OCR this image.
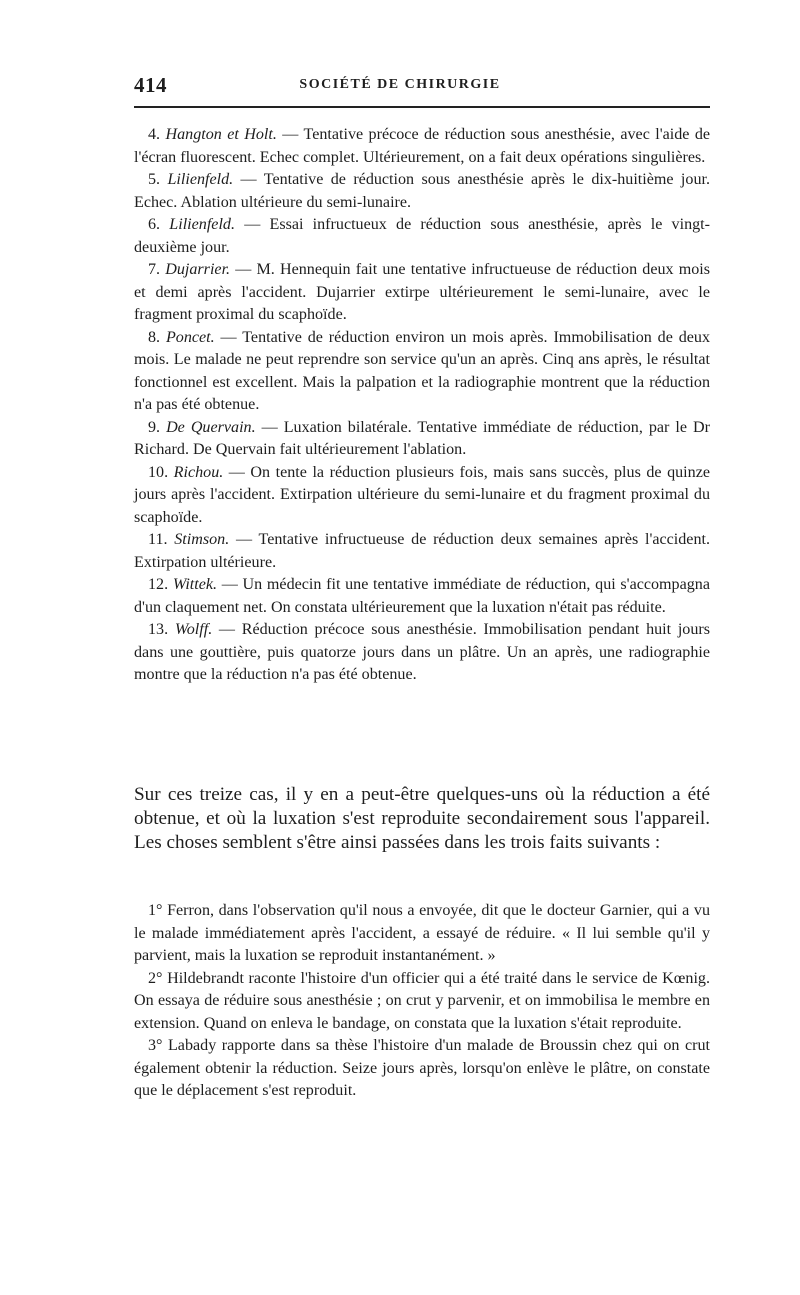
414	SOCIÉTÉ DE CHIRURGIE

4. Hangton et Holt. — Tentative précoce de réduction sous anesthésie, avec l'aide de l'écran fluorescent. Echec complet. Ultérieurement, on a fait deux opérations singulières.

5. Lilienfeld. — Tentative de réduction sous anesthésie après le dix-huitième jour. Echec. Ablation ultérieure du semi-lunaire.

6. Lilienfeld. — Essai infructueux de réduction sous anesthésie, après le vingt-deuxième jour.

7. Dujarrier. — M. Hennequin fait une tentative infructueuse de réduction deux mois et demi après l'accident. Dujarrier extirpe ultérieurement le semi-lunaire, avec le fragment proximal du scaphoïde.

8. Poncet. — Tentative de réduction environ un mois après. Immobilisation de deux mois. Le malade ne peut reprendre son service qu'un an après. Cinq ans après, le résultat fonctionnel est excellent. Mais la palpation et la radiographie montrent que la réduction n'a pas été obtenue.

9. De Quervain. — Luxation bilatérale. Tentative immédiate de réduction, par le Dr Richard. De Quervain fait ultérieurement l'ablation.

10. Richou. — On tente la réduction plusieurs fois, mais sans succès, plus de quinze jours après l'accident. Extirpation ultérieure du semi-lunaire et du fragment proximal du scaphoïde.

11. Stimson. — Tentative infructueuse de réduction deux semaines après l'accident. Extirpation ultérieure.

12. Wittek. — Un médecin fit une tentative immédiate de réduction, qui s'accompagna d'un claquement net. On constata ultérieurement que la luxation n'était pas réduite.

13. Wolff. — Réduction précoce sous anesthésie. Immobilisation pendant huit jours dans une gouttière, puis quatorze jours dans un plâtre. Un an après, une radiographie montre que la réduction n'a pas été obtenue.

Sur ces treize cas, il y en a peut-être quelques-uns où la réduction a été obtenue, et où la luxation s'est reproduite secondairement sous l'appareil. Les choses semblent s'être ainsi passées dans les trois faits suivants :

1° Ferron, dans l'observation qu'il nous a envoyée, dit que le docteur Garnier, qui a vu le malade immédiatement après l'accident, a essayé de réduire. « Il lui semble qu'il y parvient, mais la luxation se reproduit instantanément. »

2° Hildebrandt raconte l'histoire d'un officier qui a été traité dans le service de Kœnig. On essaya de réduire sous anesthésie ; on crut y parvenir, et on immobilisa le membre en extension. Quand on enleva le bandage, on constata que la luxation s'était reproduite.

3° Labady rapporte dans sa thèse l'histoire d'un malade de Broussin chez qui on crut également obtenir la réduction. Seize jours après, lorsqu'on enlève le plâtre, on constate que le déplacement s'est reproduit.
